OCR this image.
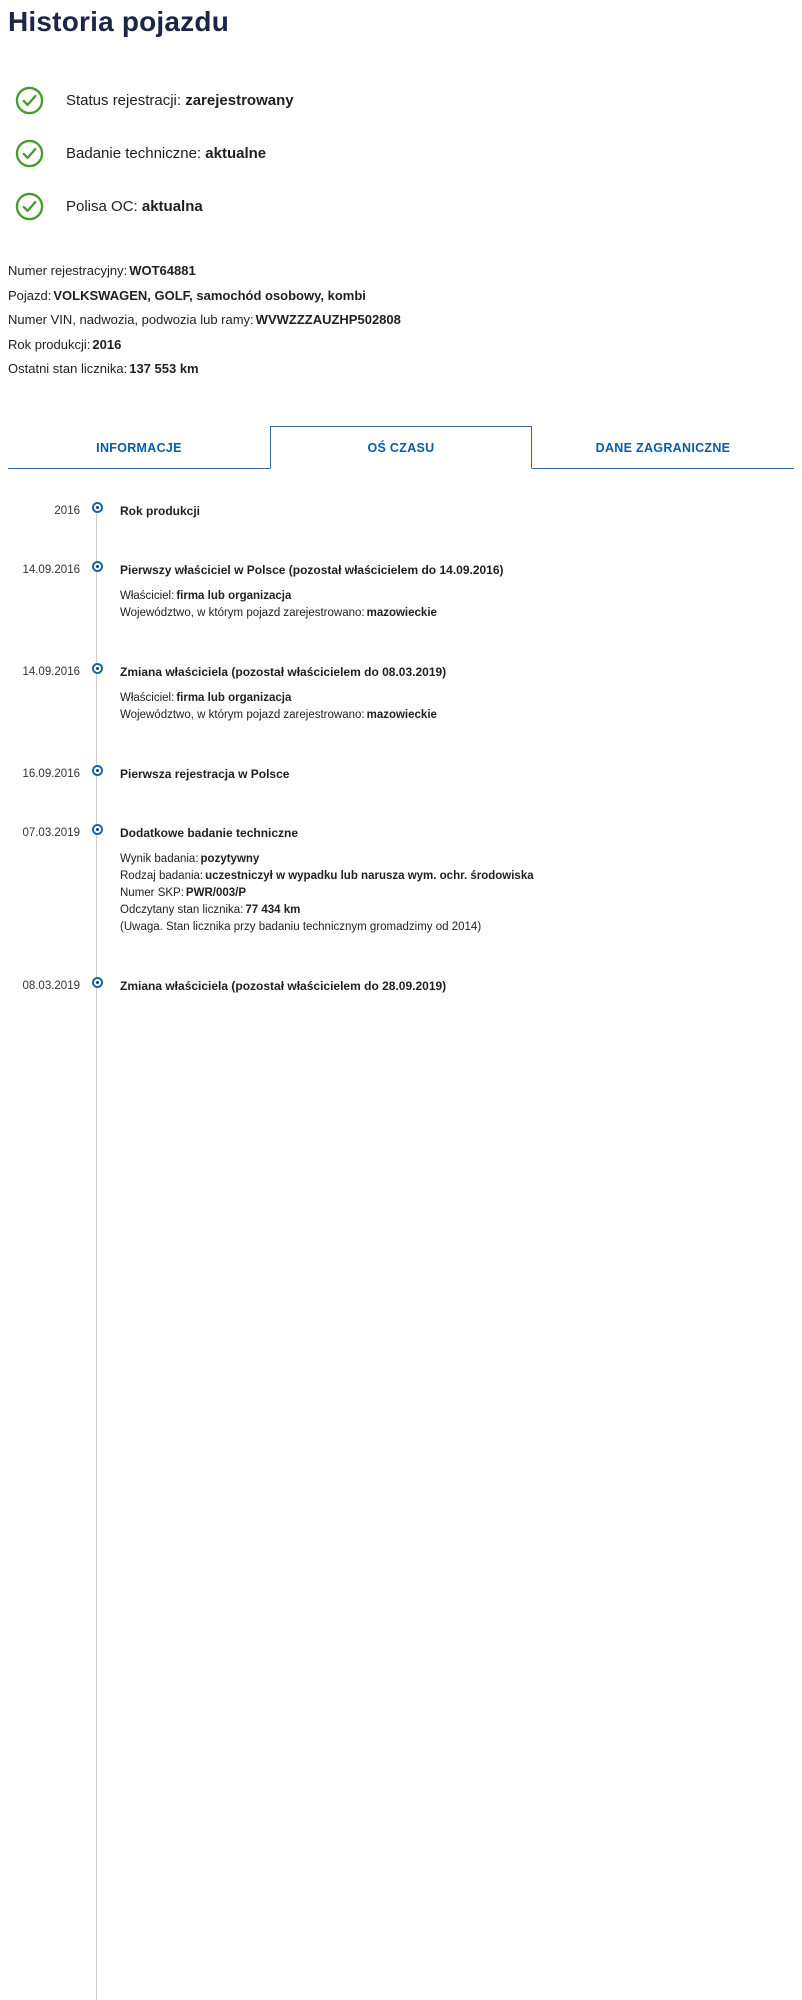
Historia pojazdu
Status rejestracji: zarejestrowany
Badanie techniczne: aktualne
Polisa OC: aktualna

Numer rejestracyjny: WOT64881

Pojazd: VOLKSWAGEN, GOLF, samochód osobowy, kombi

Numer VIN, nadwozia, podwozia lub ramy: WVWZZZAUZHP502808

Rok produkcji: 2016

Ostatni stan licznika: 137 553 km

INFORMACJE	OŚ CZASU	DANE ZAGRANICZNE
2016	Rok produkcji
14.09.2016	Pierwszy właściciel w Polsce (pozostał właścicielem do 14.09.2016)

Właściciel: firma lub organizacja

Województwo, w którym pojazd zarejestrowano: mazowieckie

14.09.2016	Zmiana właściciela (pozostał właścicielem do 08.03.2019)

Właściciel: firma lub organizacja

Województwo, w którym pojazd zarejestrowano: mazowieckie

16.09.2016	Pierwsza rejestracja w Polsce
07.03.2019	Dodatkowe badanie techniczne

Wynik badania: pozytywny

Rodzaj badania: uczestniczył w wypadku lub narusza wym. ochr. środowiska

Numer SKP: PWR/003/P

Odczytany stan licznika: 77 434 km

(Uwaga. Stan licznika przy badaniu technicznym gromadzimy od 2014)

08.03.2019	Zmiana właściciela (pozostał właścicielem do 28.09.2019)
